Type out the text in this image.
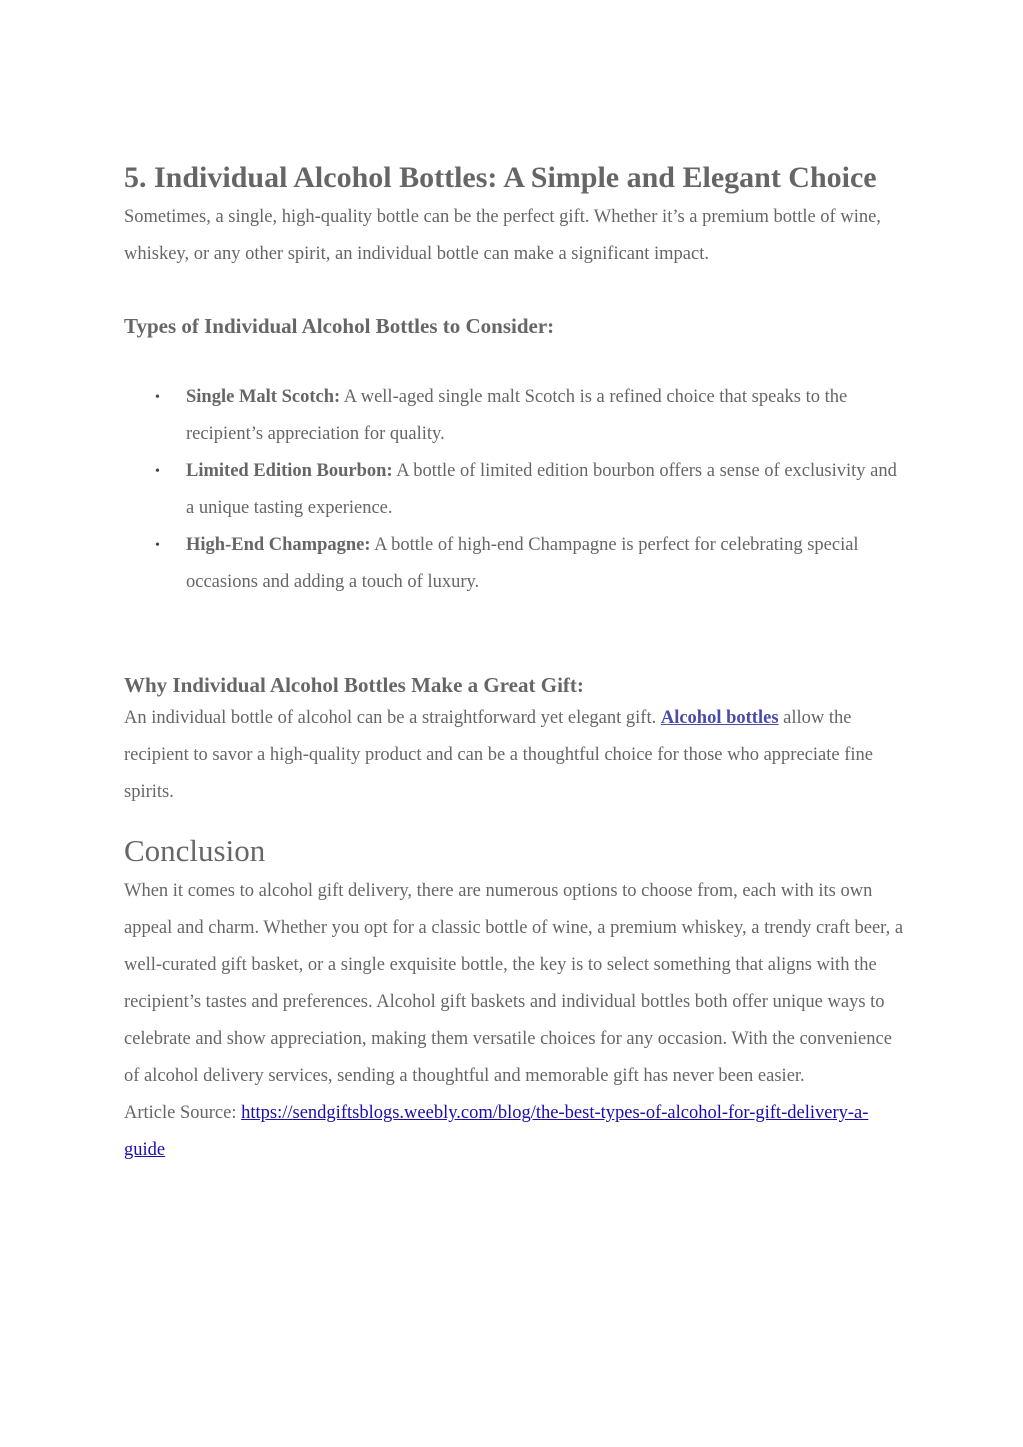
5. Individual Alcohol Bottles: A Simple and Elegant Choice

Sometimes, a single, high-quality bottle can be the perfect gift. Whether it’s a premium bottle of wine, whiskey, or any other spirit, an individual bottle can make a significant impact.

Types of Individual Alcohol Bottles to Consider:
• Single Malt Scotch: A well-aged single malt Scotch is a refined choice that speaks to the recipient’s appreciation for quality.
• Limited Edition Bourbon: A bottle of limited edition bourbon offers a sense of exclusivity and a unique tasting experience.
• High-End Champagne: A bottle of high-end Champagne is perfect for celebrating special occasions and adding a touch of luxury.
Why Individual Alcohol Bottles Make a Great Gift:

An individual bottle of alcohol can be a straightforward yet elegant gift. Alcohol bottles allow the recipient to savor a high-quality product and can be a thoughtful choice for those who appreciate fine spirits.

Conclusion

When it comes to alcohol gift delivery, there are numerous options to choose from, each with its own appeal and charm. Whether you opt for a classic bottle of wine, a premium whiskey, a trendy craft beer, a well-curated gift basket, or a single exquisite bottle, the key is to select something that aligns with the recipient’s tastes and preferences. Alcohol gift baskets and individual bottles both offer unique ways to celebrate and show appreciation, making them versatile choices for any occasion. With the convenience of alcohol delivery services, sending a thoughtful and memorable gift has never been easier.

Article Source: https://sendgiftsblogs.weebly.com/blog/the-best-types-of-alcohol-for-gift-delivery-a-guide
